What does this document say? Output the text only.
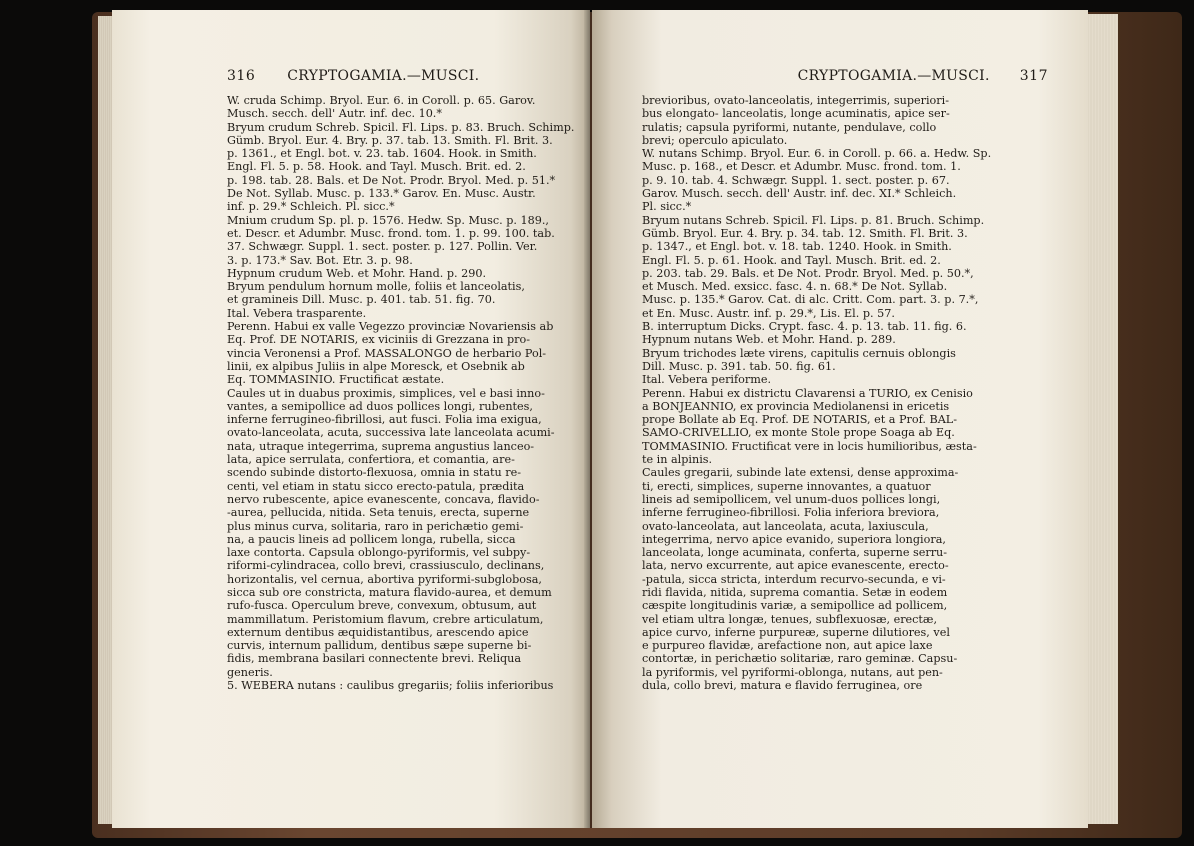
316 CRYPTOGAMIA.—MUSCI.
W. cruda Schimp. Bryol. Eur. 6. in Coroll. p. 65. Garov.
Musch. secch. dell' Autr. inf. dec. 10.*
Bryum crudum Schreb. Spicil. Fl. Lips. p. 83. Bruch. Schimp.
Gümb. Bryol. Eur. 4. Bry. p. 37. tab. 13. Smith. Fl. Brit. 3.
p. 1361., et Engl. bot. v. 23. tab. 1604. Hook. in Smith.
Engl. Fl. 5. p. 58. Hook. and Tayl. Musch. Brit. ed. 2.
p. 198. tab. 28. Bals. et De Not. Prodr. Bryol. Med. p. 51.*
De Not. Syllab. Musc. p. 133.* Garov. En. Musc. Austr.
inf. p. 29.* Schleich. Pl. sicc.*
Mnium crudum Sp. pl. p. 1576. Hedw. Sp. Musc. p. 189.,
et. Descr. et Adumbr. Musc. frond. tom. 1. p. 99. 100. tab.
37. Schwægr. Suppl. 1. sect. poster. p. 127. Pollin. Ver.
3. p. 173.* Sav. Bot. Etr. 3. p. 98.
Hypnum crudum Web. et Mohr. Hand. p. 290.
Bryum pendulum hornum molle, foliis et lanceolatis,
et gramineis Dill. Musc. p. 401. tab. 51. fig. 70.
Ital. Vebera trasparente.
Perenn. Habui ex valle Vegezzo provinciæ Novariensis ab
Eq. Prof. DE NOTARIS, ex viciniis di Grezzana in pro-
vincia Veronensi a Prof. MASSALONGO de herbario Pol-
linii, ex alpibus Juliis in alpe Moresck, et Osebnik ab
Eq. TOMMASINIO. Fructificat æstate.
Caules ut in duabus proximis, simplices, vel e basi inno-
vantes, a semipollice ad duos pollices longi, rubentes,
inferne ferrugineo-fibrillosi, aut fusci. Folia ima exigua,
ovato-lanceolata, acuta, successiva late lanceolata acumi-
nata, utraque integerrima, suprema angustius lanceo-
lata, apice serrulata, confertiora, et comantia, are-
scendo subinde distorto-flexuosa, omnia in statu re-
centi, vel etiam in statu sicco erecto-patula, prædita
nervo rubescente, apice evanescente, concava, flavido-
-aurea, pellucida, nitida. Seta tenuis, erecta, superne
plus minus curva, solitaria, raro in perichætio gemi-
na, a paucis lineis ad pollicem longa, rubella, sicca
laxe contorta. Capsula oblongo-pyriformis, vel subpy-
riformi-cylindracea, collo brevi, crassiusculo, declinans,
horizontalis, vel cernua, abortiva pyriformi-subglobosa,
sicca sub ore constricta, matura flavido-aurea, et demum
rufo-fusca. Operculum breve, convexum, obtusum, aut
mammillatum. Peristomium flavum, crebre articulatum,
externum dentibus æquidistantibus, arescendo apice
curvis, internum pallidum, dentibus sæpe superne bi-
fidis, membrana basilari connectente brevi. Reliqua
generis.
5. WEBERA nutans : caulibus gregariis; foliis inferioribus
CRYPTOGAMIA.—MUSCI. 317
brevioribus, ovato-lanceolatis, integerrimis, superiori-
bus elongato- lanceolatis, longe acuminatis, apice ser-
rulatis; capsula pyriformi, nutante, pendulave, collo
brevi; operculo apiculato.
W. nutans Schimp. Bryol. Eur. 6. in Coroll. p. 66. a. Hedw. Sp.
Musc. p. 168., et Descr. et Adumbr. Musc. frond. tom. 1.
p. 9. 10. tab. 4. Schwægr. Suppl. 1. sect. poster. p. 67.
Garov. Musch. secch. dell' Austr. inf. dec. XI.* Schleich.
Pl. sicc.*
Bryum nutans Schreb. Spicil. Fl. Lips. p. 81. Bruch. Schimp.
Gümb. Bryol. Eur. 4. Bry. p. 34. tab. 12. Smith. Fl. Brit. 3.
p. 1347., et Engl. bot. v. 18. tab. 1240. Hook. in Smith.
Engl. Fl. 5. p. 61. Hook. and Tayl. Musch. Brit. ed. 2.
p. 203. tab. 29. Bals. et De Not. Prodr. Bryol. Med. p. 50.*,
et Musch. Med. exsicc. fasc. 4. n. 68.* De Not. Syllab.
Musc. p. 135.* Garov. Cat. di alc. Critt. Com. part. 3. p. 7.*,
et En. Musc. Austr. inf. p. 29.*, Lis. El. p. 57.
B. interruptum Dicks. Crypt. fasc. 4. p. 13. tab. 11. fig. 6.
Hypnum nutans Web. et Mohr. Hand. p. 289.
Bryum trichodes læte virens, capitulis cernuis oblongis
Dill. Musc. p. 391. tab. 50. fig. 61.
Ital. Vebera periforme.
Perenn. Habui ex districtu Clavarensi a TURIO, ex Cenisio
a BONJEANNIO, ex provincia Mediolanensi in ericetis
prope Bollate ab Eq. Prof. DE NOTARIS, et a Prof. BAL-
SAMO-CRIVELLIO, ex monte Stole prope Soaga ab Eq.
TOMMASINIO. Fructificat vere in locis humilioribus, æsta-
te in alpinis.
Caules gregarii, subinde late extensi, dense approxima-
ti, erecti, simplices, superne innovantes, a quatuor
lineis ad semipollicem, vel unum-duos pollices longi,
inferne ferrugineo-fibrillosi. Folia inferiora breviora,
ovato-lanceolata, aut lanceolata, acuta, laxiuscula,
integerrima, nervo apice evanido, superiora longiora,
lanceolata, longe acuminata, conferta, superne serru-
lata, nervo excurrente, aut apice evanescente, erecto-
-patula, sicca stricta, interdum recurvo-secunda, e vi-
ridi flavida, nitida, suprema comantia. Setæ in eodem
cæspite longitudinis variæ, a semipollice ad pollicem,
vel etiam ultra longæ, tenues, subflexuosæ, erectæ,
apice curvo, inferne purpureæ, superne dilutiores, vel
e purpureo flavidæ, arefactione non, aut apice laxe
contortæ, in perichætio solitariæ, raro geminæ. Capsu-
la pyriformis, vel pyriformi-oblonga, nutans, aut pen-
dula, collo brevi, matura e flavido ferruginea, ore
